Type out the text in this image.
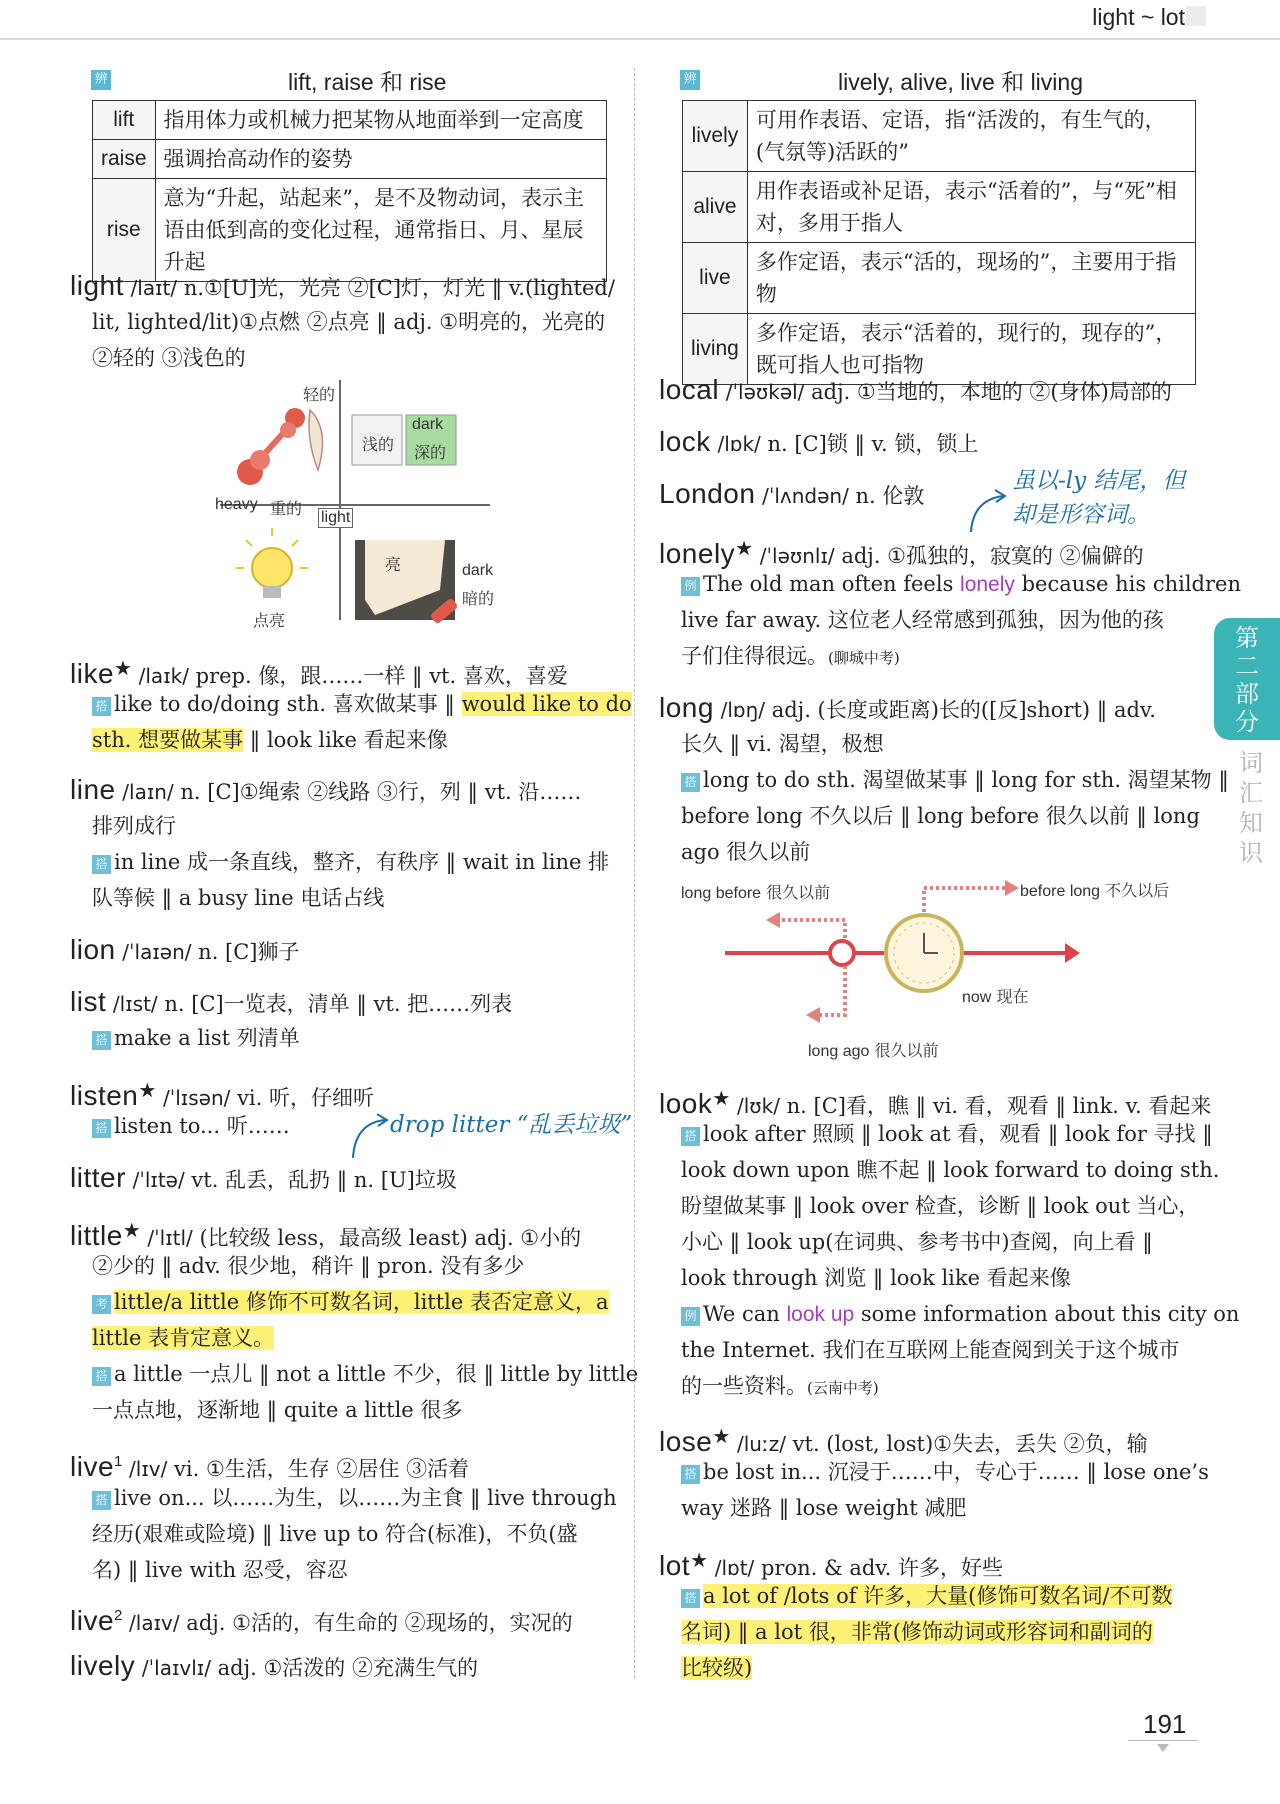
light ~ lot
第
二
部
分
词
汇
知
识
辨	lift, raise 和 rise
lift	指用体力或机械力把某物从地面举到一定高度
raise	强调抬高动作的姿势
rise	意为“升起，站起来”，是不及物动词，表示主语由低到高的变化过程，通常指日、月、星辰升起
light /laɪt/ n.①[U]光，光亮 ②[C]灯，灯光 ‖ v.(lighted/
lit, lighted/lit)①点燃 ②点亮 ‖ adj. ①明亮的，光亮的
②轻的 ③浅色的
轻的
heavy 重的 light
浅的
dark
深的
亮	dark
暗的
点亮
like★ /laɪk/ prep. 像，跟……一样 ‖ vt. 喜欢，喜爱
搭 like to do/doing sth. 喜欢做某事 ‖ would like to do
sth. 想要做某事 ‖ look like 看起来像
line /laɪn/ n. [C]①绳索 ②线路 ③行，列 ‖ vt. 沿……
排列成行
搭 in line 成一条直线，整齐，有秩序 ‖ wait in line 排
队等候 ‖ a busy line 电话占线
lion /ˈlaɪən/ n. [C]狮子
list /lɪst/ n. [C]一览表，清单 ‖ vt. 把……列表
搭 make a list 列清单
listen★ /ˈlɪsən/ vi. 听，仔细听
搭 listen to... 听……	drop litter “乱丢垃圾”
litter /ˈlɪtə/ vt. 乱丢，乱扔 ‖ n. [U]垃圾
little★ /ˈlɪtl/ (比较级 less，最高级 least) adj. ①小的
②少的 ‖ adv. 很少地，稍许 ‖ pron. 没有多少
考 little/a little 修饰不可数名词，little 表否定意义，a
little 表肯定意义。
搭 a little 一点儿 ‖ not a little 不少，很 ‖ little by little
一点点地，逐渐地 ‖ quite a little 很多
live$^1$ /lɪv/ vi. ①生活，生存 ②居住 ③活着
搭 live on... 以……为生，以……为主食 ‖ live through
经历(艰难或险境) ‖ live up to 符合(标准)，不负(盛
名) ‖ live with 忍受，容忍
live$^2$ /laɪv/ adj. ①活的，有生命的 ②现场的，实况的
lively /ˈlaɪvlɪ/ adj. ①活泼的 ②充满生气的
辨	lively, alive, live 和 living
lively	可用作表语、定语，指“活泼的，有生气的，(气氛等)活跃的”
alive	用作表语或补足语，表示“活着的”，与“死”相对，多用于指人
live	多作定语，表示“活的，现场的”，主要用于指物
living	多作定语，表示“活着的，现行的，现存的”，既可指人也可指物
local /ˈləʊkəl/ adj. ①当地的，本地的 ②(身体)局部的
lock /lɒk/ n. [C]锁 ‖ v. 锁，锁上
London /ˈlʌndən/ n. 伦敦
虽以-ly 结尾，但
却是形容词。
lonely★ /ˈləʊnlɪ/ adj. ①孤独的，寂寞的 ②偏僻的
例 The old man often feels lonely because his children
live far away. 这位老人经常感到孤独，因为他的孩
子们住得很远。(聊城中考)
long /lɒŋ/ adj. (长度或距离)长的([反]short) ‖ adv.
长久 ‖ vi. 渴望，极想
搭 long to do sth. 渴望做某事 ‖ long for sth. 渴望某物 ‖
before long 不久以后 ‖ long before 很久以前 ‖ long
ago 很久以前
long before 很久以前	before long 不久以后
now 现在
long ago 很久以前
look★ /lʊk/ n. [C]看，瞧 ‖ vi. 看，观看 ‖ link. v. 看起来
搭 look after 照顾 ‖ look at 看，观看 ‖ look for 寻找 ‖
look down upon 瞧不起 ‖ look forward to doing sth.
盼望做某事 ‖ look over 检查，诊断 ‖ look out 当心，
小心 ‖ look up(在词典、参考书中)查阅，向上看 ‖
look through 浏览 ‖ look like 看起来像
例 We can look up some information about this city on
the Internet. 我们在互联网上能查阅到关于这个城市
的一些资料。(云南中考)
lose★ /luːz/ vt. (lost, lost)①失去，丢失 ②负，输
搭 be lost in... 沉浸于……中，专心于…… ‖ lose one’s
way 迷路 ‖ lose weight 减肥
lot★ /lɒt/ pron. & adv. 许多，好些
搭 a lot of /lots of 许多，大量(修饰可数名词/不可数
名词) ‖ a lot 很，非常(修饰动词或形容词和副词的
比较级)
191
